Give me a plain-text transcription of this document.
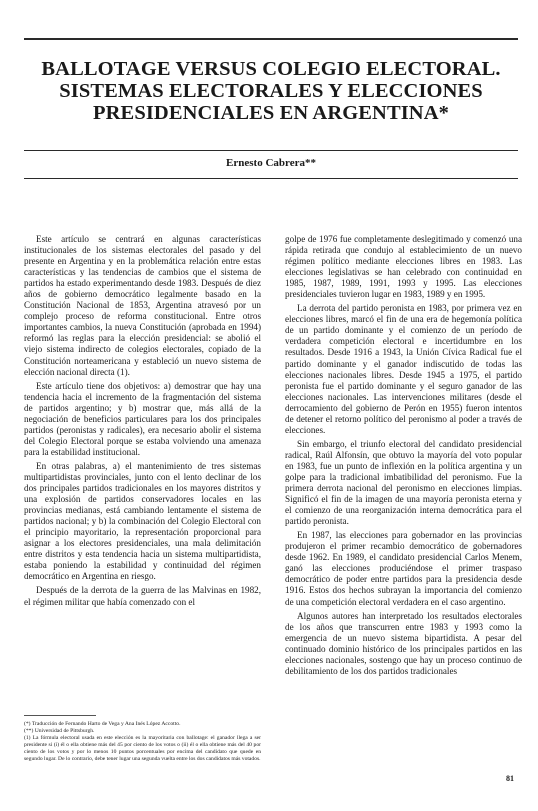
BALLOTAGE VERSUS COLEGIO ELECTORAL.
SISTEMAS ELECTORALES Y ELECCIONES
PRESIDENCIALES EN ARGENTINA*
Ernesto Cabrera**

Este artículo se centrará en algunas características institucionales de los sistemas electorales del pasado y del presente en Argentina y en la problemática relación entre estas características y las tendencias de cambios que el sistema de partidos ha estado experimentando desde 1983. Después de diez años de gobierno democrático legalmente basado en la Constitución Nacional de 1853, Argentina atravesó por un complejo proceso de reforma constitucional. Entre otros importantes cambios, la nueva Constitución (aprobada en 1994) reformó las reglas para la elección presidencial: se abolió el viejo sistema indirecto de colegios electorales, copiado de la Constitución norteamericana y estableció un nuevo sistema de elección nacional directa (1).

Este artículo tiene dos objetivos: a) demostrar que hay una tendencia hacia el incremento de la fragmentación del sistema de partidos argentino; y b) mostrar que, más allá de la negociación de beneficios particulares para los dos principales partidos (peronistas y radicales), era necesario abolir el sistema del Colegio Electoral porque se estaba volviendo una amenaza para la estabilidad institucional.

En otras palabras, a) el mantenimiento de tres sistemas multipartidistas provinciales, junto con el lento declinar de los dos principales partidos tradicionales en los mayores distritos y una explosión de partidos conservadores locales en las provincias medianas, está cambiando lentamente el sistema de partidos nacional; y b) la combinación del Colegio Electoral con el principio mayoritario, la representación proporcional para asignar a los electores presidenciales, una mala delimitación entre distritos y esta tendencia hacia un sistema multipartidista, estaba poniendo la estabilidad y continuidad del régimen democrático en Argentina en riesgo.

Después de la derrota de la guerra de las Malvinas en 1982, el régimen militar que había comenzado con el

golpe de 1976 fue completamente deslegitimado y comenzó una rápida retirada que condujo al establecimiento de un nuevo régimen político mediante elecciones libres en 1983. Las elecciones legislativas se han celebrado con continuidad en 1985, 1987, 1989, 1991, 1993 y 1995. Las elecciones presidenciales tuvieron lugar en 1983, 1989 y en 1995.

La derrota del partido peronista en 1983, por primera vez en elecciones libres, marcó el fin de una era de hegemonía política de un partido dominante y el comienzo de un período de verdadera competición electoral e incertidumbre en los resultados. Desde 1916 a 1943, la Unión Cívica Radical fue el partido dominante y el ganador indiscutido de todas las elecciones nacionales libres. Desde 1945 a 1975, el partido peronista fue el partido dominante y el seguro ganador de las elecciones nacionales. Las intervenciones militares (desde el derrocamiento del gobierno de Perón en 1955) fueron intentos de detener el retorno político del peronismo al poder a través de elecciones.

Sin embargo, el triunfo electoral del candidato presidencial radical, Raúl Alfonsín, que obtuvo la mayoría del voto popular en 1983, fue un punto de inflexión en la política argentina y un golpe para la tradicional imbatibilidad del peronismo. Fue la primera derrota nacional del peronismo en elecciones limpias. Significó el fin de la imagen de una mayoría peronista eterna y el comienzo de una reorganización interna democrática para el partido peronista.

En 1987, las elecciones para gobernador en las provincias produjeron el primer recambio democrático de gobernadores desde 1962. En 1989, el candidato presidencial Carlos Menem, ganó las elecciones produciéndose el primer traspaso democrático de poder entre partidos para la presidencia desde 1916. Estos dos hechos subrayan la importancia del comienzo de una competición electoral verdadera en el caso argentino.

Algunos autores han interpretado los resultados electorales de los años que transcurren entre 1983 y 1993 como la emergencia de un nuevo sistema bipartidista. A pesar del continuado dominio histórico de los principales partidos en las elecciones nacionales, sostengo que hay un proceso continuo de debilitamiento de los dos partidos tradicionales

(*) Traducción de Fernando Harto de Vega y Ana Inés López Accotto.

(**) Universidad de Pittsburgh.

(1) La fórmula electoral usada en este elección es la mayoritaria con ballotage: el ganador llega a ser presidente si (i) él o ella obtiene más del 45 por ciento de los votos o (ii) él o ella obtiene más del 40 por ciento de los votos y por lo menos 10 puntos porcentuales por encima del candidato que quede en segundo lugar. De lo contrario, debe tener lugar una segunda vuelta entre los dos candidatos más votados.

81
